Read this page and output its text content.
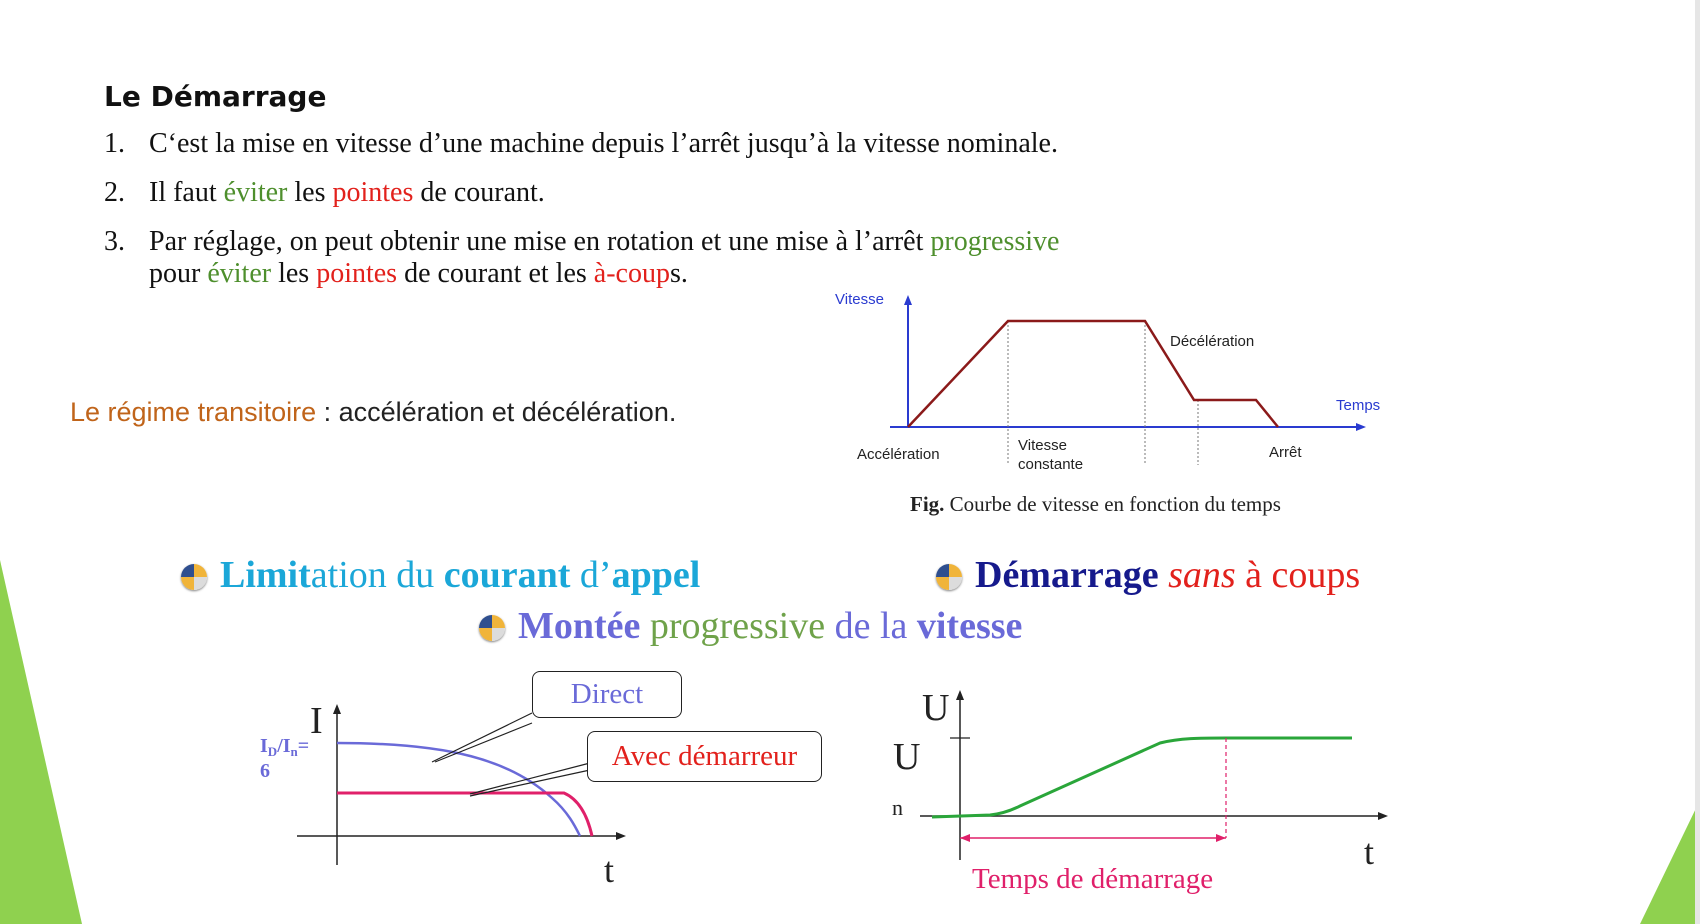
Le Démarrage
1. C‘est la mise en vitesse d’une machine depuis l’arrêt jusqu’à la vitesse nominale.
2. Il faut éviter les pointes de courant.
3. Par réglage, on peut obtenir une mise en rotation et une mise à l’arrêt progressive
pour éviter les pointes de courant et les à-coups.
Le régime transitoire : accélération et décélération.
Vitesse
Temps
Accélération
Vitesse
constante
Décélération
Arrêt
Fig. Courbe de vitesse en fonction du temps
Limitation du courant d’appel	Démarrage sans à coups
Montée progressive de la vitesse
I
t
$I_D/I_n=$
6
Direct
Avec démarreur
U
U
n
t
Temps de démarrage
